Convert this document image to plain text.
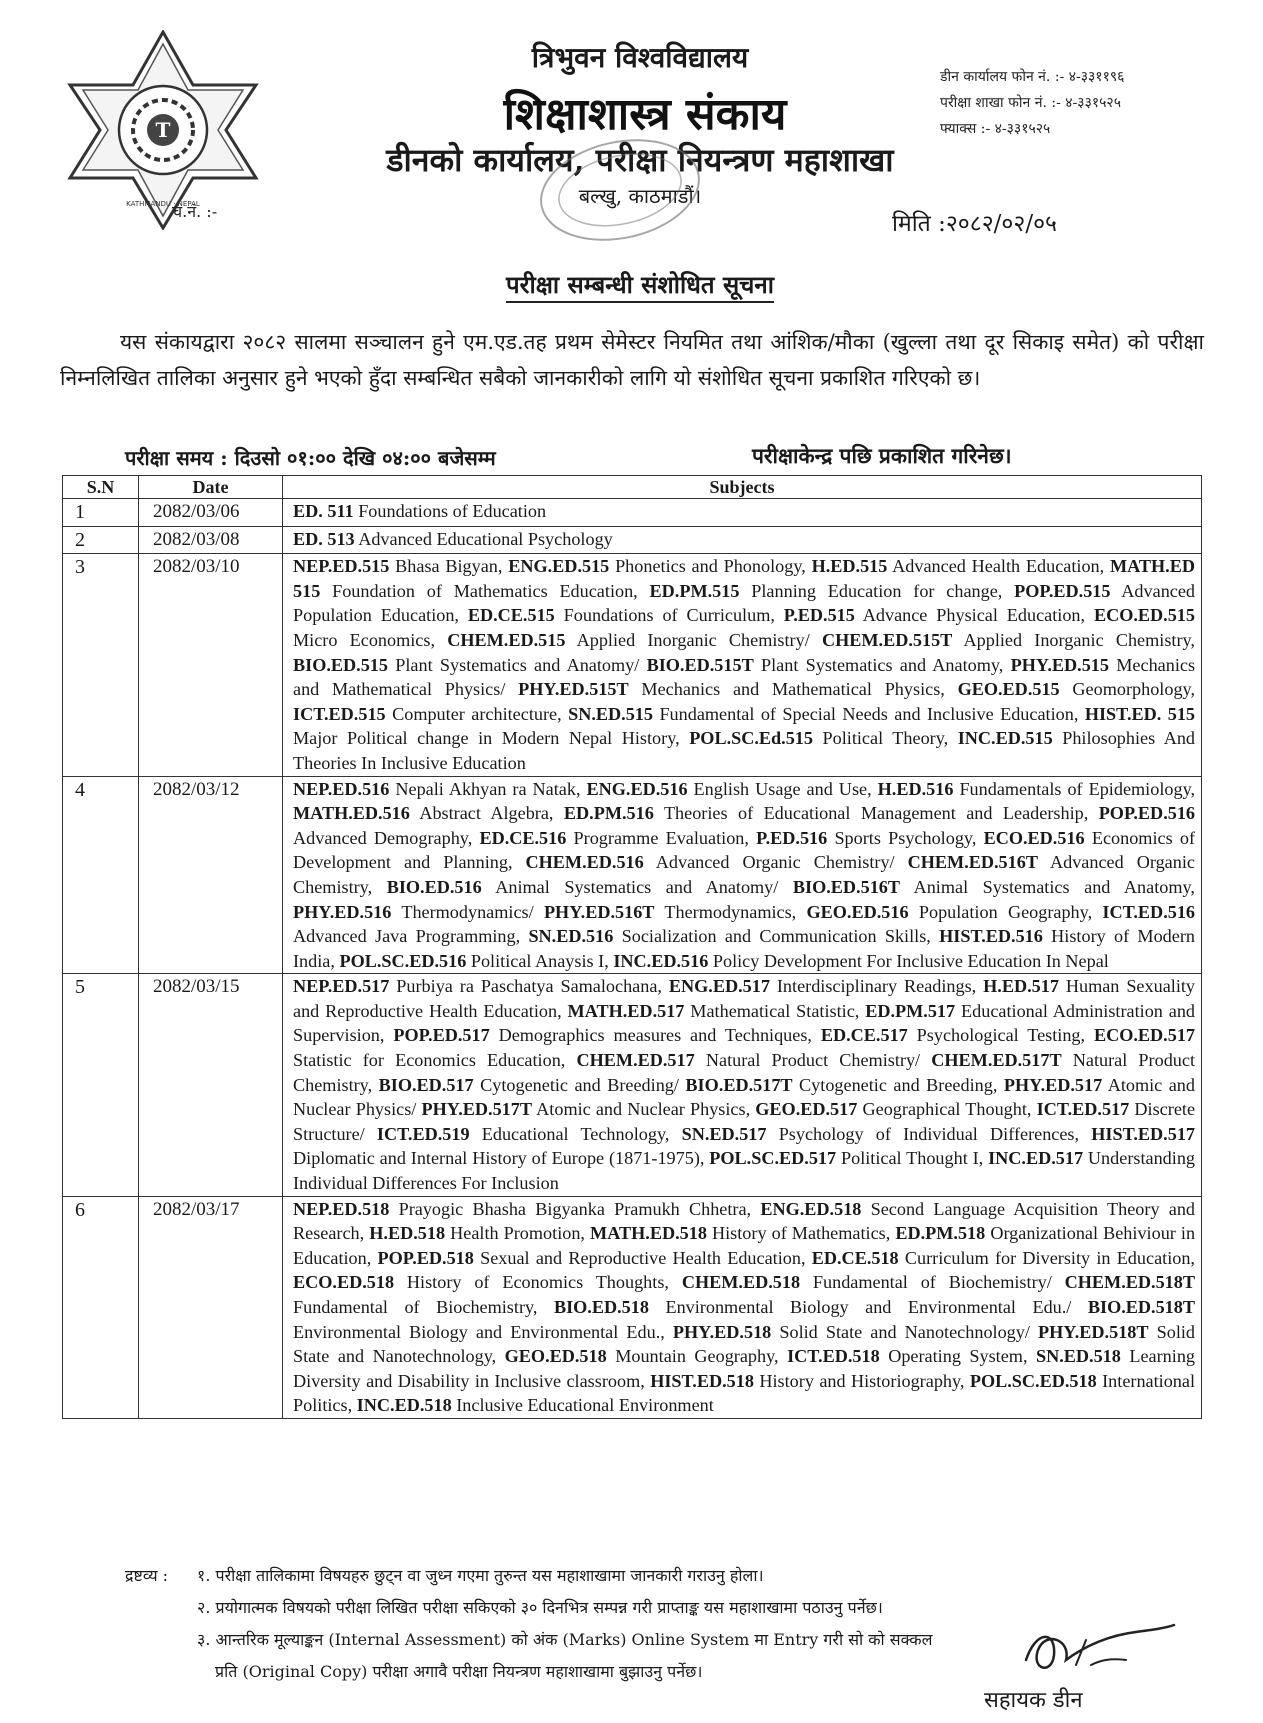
T
KATHMANDU · NEPAL
च.नं. :-
त्रिभुवन विश्वविद्यालय
शिक्षाशास्त्र संकाय
डीनको कार्यालय, परीक्षा नियन्त्रण महाशाखा
बल्खु, काठमाडौं।
डीन कार्यालय फोन नं. :- ४-३३११९६
परीक्षा शाखा फोन नं. :- ४-३३१५२५
फ्याक्स :- ४-३३१५२५
मिति :२०८२/०२/०५
परीक्षा सम्बन्धी संशोधित सूचना

यस संकायद्वारा २०८२ सालमा सञ्चालन हुने एम.एड.तह प्रथम सेमेस्टर नियमित तथा आंशिक/मौका (खुल्ला तथा दूर सिकाइ समेत) को परीक्षा निम्नलिखित तालिका अनुसार हुने भएको हुँदा सम्बन्धित सबैको जानकारीको लागि यो संशोधित सूचना प्रकाशित गरिएको छ।

परीक्षा समय : दिउसो ०१:०० देखि ०४:०० बजेसम्म	परीक्षाकेन्द्र पछि प्रकाशित गरिनेछ।
S.N	Date	Subjects
1	2082/03/06	ED. 511 Foundations of Education
2	2082/03/08	ED. 513 Advanced Educational Psychology
3	2082/03/10	NEP.ED.515 Bhasa Bigyan, ENG.ED.515 Phonetics and Phonology, H.ED.515 Advanced Health Education, MATH.ED 515 Foundation of Mathematics Education, ED.PM.515 Planning Education for change, POP.ED.515 Advanced Population Education, ED.CE.515 Foundations of Curriculum, P.ED.515 Advance Physical Education, ECO.ED.515 Micro Economics, CHEM.ED.515 Applied Inorganic Chemistry/ CHEM.ED.515T Applied Inorganic Chemistry, BIO.ED.515 Plant Systematics and Anatomy/ BIO.ED.515T Plant Systematics and Anatomy, PHY.ED.515 Mechanics and Mathematical Physics/ PHY.ED.515T Mechanics and Mathematical Physics, GEO.ED.515 Geomorphology, ICT.ED.515 Computer architecture, SN.ED.515 Fundamental of Special Needs and Inclusive Education, HIST.ED. 515 Major Political change in Modern Nepal History, POL.SC.Ed.515 Political Theory, INC.ED.515 Philosophies And Theories In Inclusive Education
4	2082/03/12	NEP.ED.516 Nepali Akhyan ra Natak, ENG.ED.516 English Usage and Use, H.ED.516 Fundamentals of Epidemiology, MATH.ED.516 Abstract Algebra, ED.PM.516 Theories of Educational Management and Leadership, POP.ED.516 Advanced Demography, ED.CE.516 Programme Evaluation, P.ED.516 Sports Psychology, ECO.ED.516 Economics of Development and Planning, CHEM.ED.516 Advanced Organic Chemistry/ CHEM.ED.516T Advanced Organic Chemistry, BIO.ED.516 Animal Systematics and Anatomy/ BIO.ED.516T Animal Systematics and Anatomy, PHY.ED.516 Thermodynamics/ PHY.ED.516T Thermodynamics, GEO.ED.516 Population Geography, ICT.ED.516 Advanced Java Programming, SN.ED.516 Socialization and Communication Skills, HIST.ED.516 History of Modern India, POL.SC.ED.516 Political Anaysis I, INC.ED.516 Policy Development For Inclusive Education In Nepal
5	2082/03/15	NEP.ED.517 Purbiya ra Paschatya Samalochana, ENG.ED.517 Interdisciplinary Readings, H.ED.517 Human Sexuality and Reproductive Health Education, MATH.ED.517 Mathematical Statistic, ED.PM.517 Educational Administration and Supervision, POP.ED.517 Demographics measures and Techniques, ED.CE.517 Psychological Testing, ECO.ED.517 Statistic for Economics Education, CHEM.ED.517 Natural Product Chemistry/ CHEM.ED.517T Natural Product Chemistry, BIO.ED.517 Cytogenetic and Breeding/ BIO.ED.517T Cytogenetic and Breeding, PHY.ED.517 Atomic and Nuclear Physics/ PHY.ED.517T Atomic and Nuclear Physics, GEO.ED.517 Geographical Thought, ICT.ED.517 Discrete Structure/ ICT.ED.519 Educational Technology, SN.ED.517 Psychology of Individual Differences, HIST.ED.517 Diplomatic and Internal History of Europe (1871-1975), POL.SC.ED.517 Political Thought I, INC.ED.517 Understanding Individual Differences For Inclusion
6	2082/03/17	NEP.ED.518 Prayogic Bhasha Bigyanka Pramukh Chhetra, ENG.ED.518 Second Language Acquisition Theory and Research, H.ED.518 Health Promotion, MATH.ED.518 History of Mathematics, ED.PM.518 Organizational Behiviour in Education, POP.ED.518 Sexual and Reproductive Health Education, ED.CE.518 Curriculum for Diversity in Education, ECO.ED.518 History of Economics Thoughts, CHEM.ED.518 Fundamental of Biochemistry/ CHEM.ED.518T Fundamental of Biochemistry, BIO.ED.518 Environmental Biology and Environmental Edu./ BIO.ED.518T Environmental Biology and Environmental Edu., PHY.ED.518 Solid State and Nanotechnology/ PHY.ED.518T Solid State and Nanotechnology, GEO.ED.518 Mountain Geography, ICT.ED.518 Operating System, SN.ED.518 Learning Diversity and Disability in Inclusive classroom, HIST.ED.518 History and Historiography, POL.SC.ED.518 International Politics, INC.ED.518 Inclusive Educational Environment
द्रष्टव्य :	१. परीक्षा तालिकामा विषयहरु छुट्न वा जुध्न गएमा तुरुन्त यस महाशाखामा जानकारी गराउनु होला।
२. प्रयोगात्मक विषयको परीक्षा लिखित परीक्षा सकिएको ३० दिनभित्र सम्पन्न गरी प्राप्ताङ्क यस महाशाखामा पठाउनु पर्नेछ।
३. आन्तरिक मूल्याङ्कन (Internal Assessment) को अंक (Marks) Online System मा Entry गरी सो को सक्कल
प्रति (Original Copy) परीक्षा अगावै परीक्षा नियन्त्रण महाशाखामा बुझाउनु पर्नेछ।
सहायक डीन
